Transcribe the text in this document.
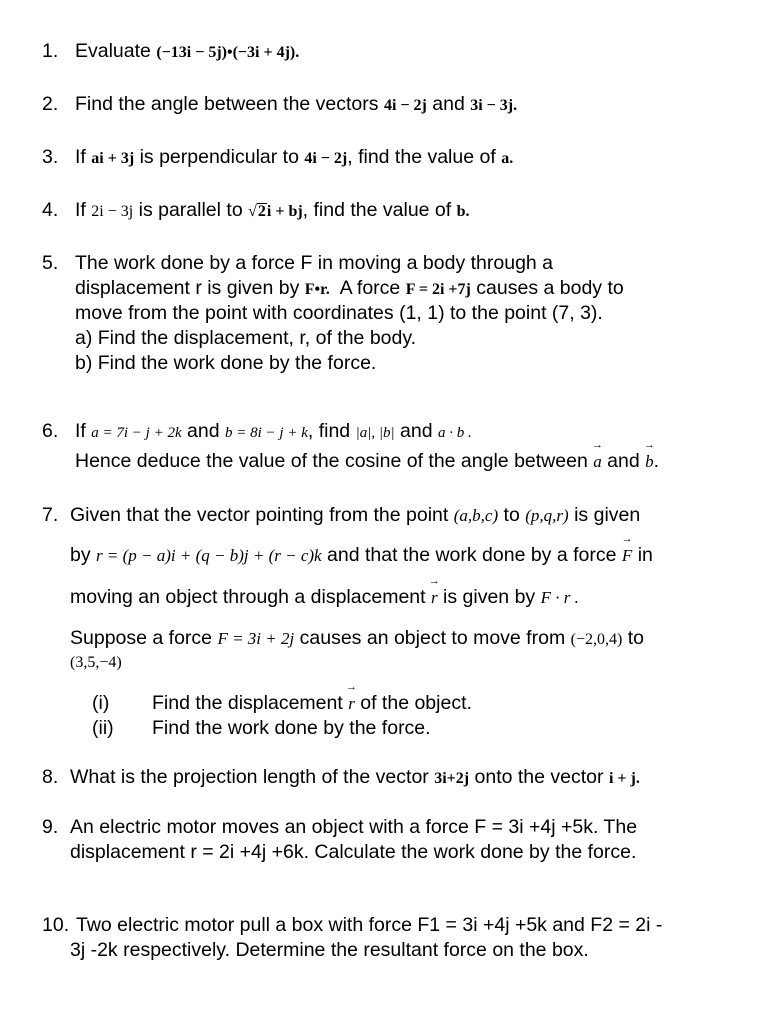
1. Evaluate (−13i − 5j)•(−3i + 4j).
2. Find the angle between the vectors 4i − 2j and 3i − 3j.
3. If ai + 3j is perpendicular to 4i − 2j, find the value of a.
4. If 2i − 3j is parallel to √2i + bj, find the value of b.
5. The work done by a force F in moving a body through a
displacement r is given by F•r. A force F = 2i +7j causes a body to
move from the point with coordinates (1, 1) to the point (7, 3).
a) Find the displacement, r, of the body.
b) Find the work done by the force.
6. If a = 7i − j + 2k and b = 8i − j + k, find |a|, |b| and a · b .
Hence deduce the value of the cosine of the angle between → a and → b.
7. Given that the vector pointing from the point (a,b,c) to (p,q,r) is given
by r = (p − a)i + (q − b)j + (r − c)k and that the work done by a force → F in
moving an object through a displacement → r is given by F · r .
Suppose a force F = 3i + 2j causes an object to move from (−2,0,4) to
(3,5,−4)
(i) Find the displacement → r of the object.
(ii) Find the work done by the force.
8. What is the projection length of the vector 3i+2j onto the vector i + j.
9. An electric motor moves an object with a force F = 3i +4j +5k. The
displacement r = 2i +4j +6k. Calculate the work done by the force.
10. Two electric motor pull a box with force F1 = 3i +4j +5k and F2 = 2i -
3j -2k respectively. Determine the resultant force on the box.
